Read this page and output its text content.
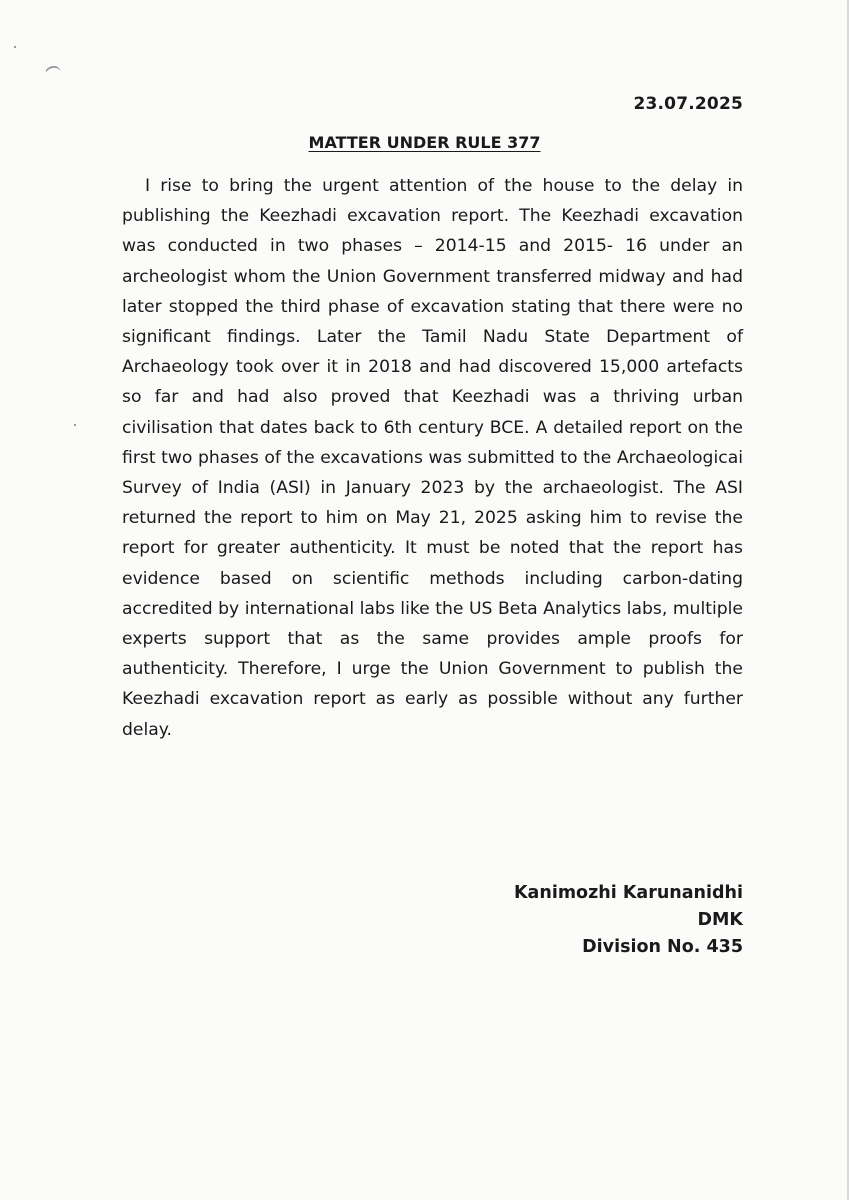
23.07.2025
MATTER UNDER RULE 377

I rise to bring the urgent attention of the house to the delay in publishing the Keezhadi excavation report. The Keezhadi excavation was conducted in two phases – 2014-15 and 2015- 16 under an archeologist whom the Union Government transferred midway and had later stopped the third phase of excavation stating that there were no significant findings. Later the Tamil Nadu State Department of Archaeology took over it in 2018 and had discovered 15,000 artefacts so far and had also proved that Keezhadi was a thriving urban civilisation that dates back to 6th century BCE. A detailed report on the first two phases of the excavations was submitted to the Archaeologicai Survey of India (ASI) in January 2023 by the archaeologist. The ASI returned the report to him on May 21, 2025 asking him to revise the report for greater authenticity. It must be noted that the report has evidence based on scientific methods including carbon-dating accredited by international labs like the US Beta Analytics labs, multiple experts support that as the same provides ample proofs for authenticity. Therefore, I urge the Union Government to publish the Keezhadi excavation report as early as possible without any further delay.

Kanimozhi Karunanidhi
DMK
Division No. 435
